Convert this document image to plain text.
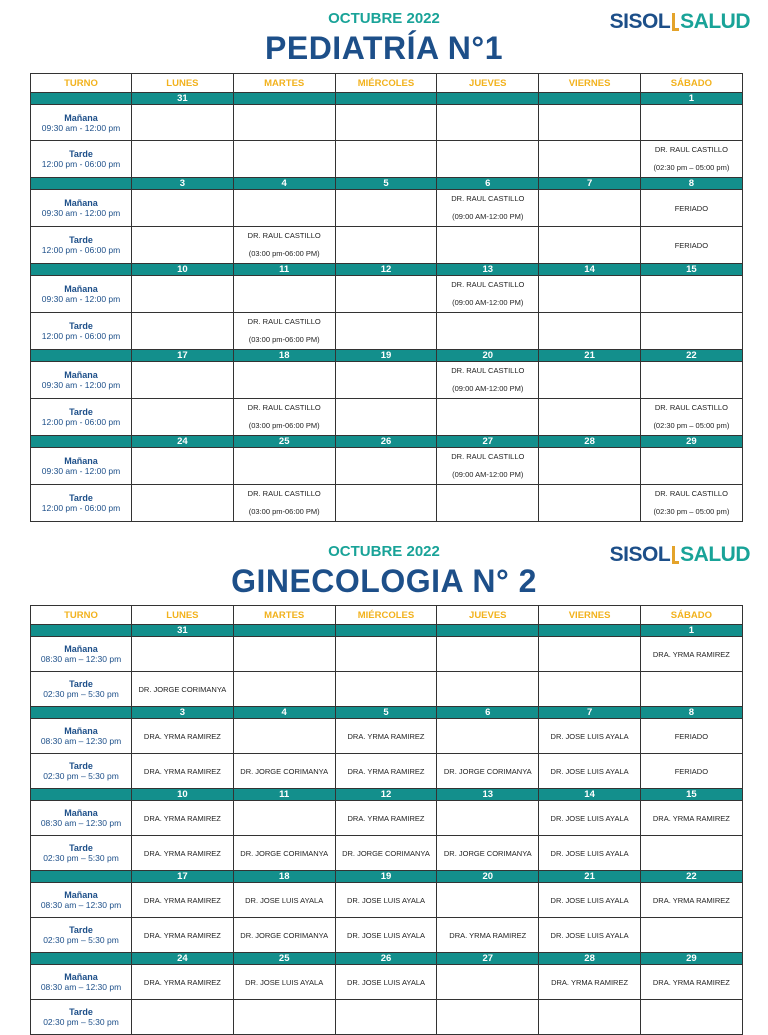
OCTUBRE 2022
PEDIATRÍA N°1
SISOL SALUD
TURNO	LUNES	MARTES	MIÉRCOLES	JUEVES	VIERNES	SÁBADO
	31					1

Mañana
09:30 am - 12:00 pm						

Tarde
12:00 pm - 06:00 pm						DR. RAUL CASTILLO
(02:30 pm – 05:00 pm)

	3	4	5	6	7	8

Mañana
09:30 am - 12:00 pm				DR. RAUL CASTILLO
(09:00 AM-12:00 PM)		FERIADO

Tarde
12:00 pm - 06:00 pm		DR. RAUL CASTILLO
(03:00 pm-06:00 PM)				FERIADO
	10	11	12	13	14	15

Mañana
09:30 am - 12:00 pm				DR. RAUL CASTILLO
(09:00 AM-12:00 PM)		

Tarde
12:00 pm - 06:00 pm		DR. RAUL CASTILLO
(03:00 pm-06:00 PM)				

	17	18	19	20	21	22

Mañana
09:30 am - 12:00 pm				DR. RAUL CASTILLO
(09:00 AM-12:00 PM)		

Tarde
12:00 pm - 06:00 pm		DR. RAUL CASTILLO
(03:00 pm-06:00 PM)				DR. RAUL CASTILLO
(02:30 pm – 05:00 pm)

	24	25	26	27	28	29

Mañana
09:30 am - 12:00 pm				DR. RAUL CASTILLO
(09:00 AM-12:00 PM)		

Tarde
12:00 pm - 06:00 pm		DR. RAUL CASTILLO
(03:00 pm-06:00 PM)				DR. RAUL CASTILLO
(02:30 pm – 05:00 pm)
OCTUBRE 2022
GINECOLOGIA N° 2
SISOL SALUD
TURNO	LUNES	MARTES	MIÉRCOLES	JUEVES	VIERNES	SÁBADO
	31					1

Mañana
08:30 am – 12:30 pm						DRA. YRMA RAMIREZ

Tarde
02:30 pm – 5:30 pm	DR. JORGE CORIMANYA					
	3	4	5	6	7	8

Mañana
08:30 am – 12:30 pm	DRA. YRMA RAMIREZ		DRA. YRMA RAMIREZ		DR. JOSE LUIS AYALA	FERIADO

Tarde
02:30 pm – 5:30 pm	DRA. YRMA RAMIREZ	DR. JORGE CORIMANYA	DRA. YRMA RAMIREZ	DR. JORGE CORIMANYA	DR. JOSE LUIS AYALA	FERIADO
	10	11	12	13	14	15

Mañana
08:30 am – 12:30 pm	DRA. YRMA RAMIREZ		DRA. YRMA RAMIREZ		DR. JOSE LUIS AYALA	DRA. YRMA RAMIREZ

Tarde
02:30 pm – 5:30 pm	DRA. YRMA RAMIREZ	DR. JORGE CORIMANYA	DR. JORGE CORIMANYA	DR. JORGE CORIMANYA	DR. JOSE LUIS AYALA	
	17	18	19	20	21	22

Mañana
08:30 am – 12:30 pm	DRA. YRMA RAMIREZ	DR. JOSE LUIS AYALA	DR. JOSE LUIS AYALA		DR. JOSE LUIS AYALA	DRA. YRMA RAMIREZ

Tarde
02:30 pm – 5:30 pm	DRA. YRMA RAMIREZ	DR. JORGE CORIMANYA	DR. JOSE LUIS AYALA	DRA. YRMA RAMIREZ	DR. JOSE LUIS AYALA	
	24	25	26	27	28	29

Mañana
08:30 am – 12:30 pm	DRA. YRMA RAMIREZ	DR. JOSE LUIS AYALA	DR. JOSE LUIS AYALA		DRA. YRMA RAMIREZ	DRA. YRMA RAMIREZ

Tarde
02:30 pm – 5:30 pm						
